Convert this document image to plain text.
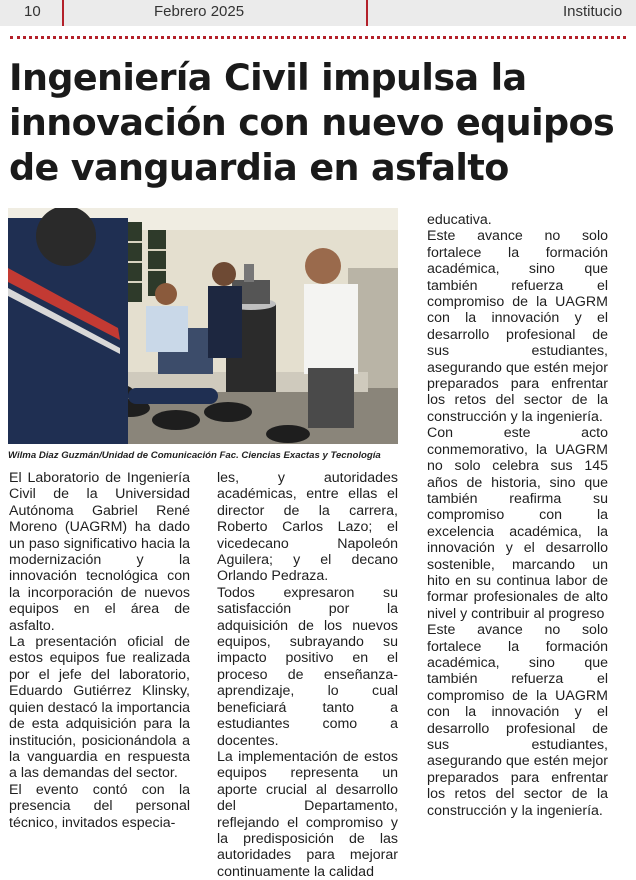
10	Febrero 2025	Institucio
Ingeniería Civil impulsa la innovación con nuevo equipos de vanguardia en asfalto
Wilma Diaz Guzmán/Unidad de Comunicación Fac. Ciencias Exactas y Tecnología

El Laboratorio de Ingeniería Civil de la Universidad Autónoma Gabriel René Moreno (UAGRM) ha dado un paso significativo hacia la modernización y la innovación tecnológica con la incorporación de nuevos equipos en el área de asfalto.

La presentación oficial de estos equipos fue realizada por el jefe del laboratorio, Eduardo Gutiérrez Klinsky, quien destacó la importancia de esta adquisición para la institución, posicionándola a la vanguardia en respuesta a las demandas del sector.

El evento contó con la presencia del personal técnico, invitados especia-

les, y autoridades académicas, entre ellas el director de la carrera, Roberto Carlos Lazo; el vicedecano Napoleón Aguilera; y el decano Orlando Pedraza.

Todos expresaron su satisfacción por la adquisición de los nuevos equipos, subrayando su impacto positivo en el proceso de enseñanza-aprendizaje, lo cual beneficiará tanto a estudiantes como a docentes.

La implementación de estos equipos representa un aporte crucial al desarrollo del Departamento, reflejando el compromiso y la predisposición de las autoridades para mejorar continuamente la calidad

educativa.

Este avance no solo fortalece la formación académica, sino que también refuerza el compromiso de la UAGRM con la innovación y el desarrollo profesional de sus estudiantes, asegurando que estén mejor preparados para enfrentar los retos del sector de la construcción y la ingeniería.

Con este acto conmemorativo, la UAGRM no solo celebra sus 145 años de historia, sino que también reafirma su compromiso con la excelencia académica, la innovación y el desarrollo sostenible, marcando un hito en su continua labor de formar profesionales de alto nivel y contribuir al progreso

Este avance no solo fortalece la formación académica, sino que también refuerza el compromiso de la UAGRM con la innovación y el desarrollo profesional de sus estudiantes, asegurando que estén mejor preparados para enfrentar los retos del sector de la construcción y la ingeniería.
